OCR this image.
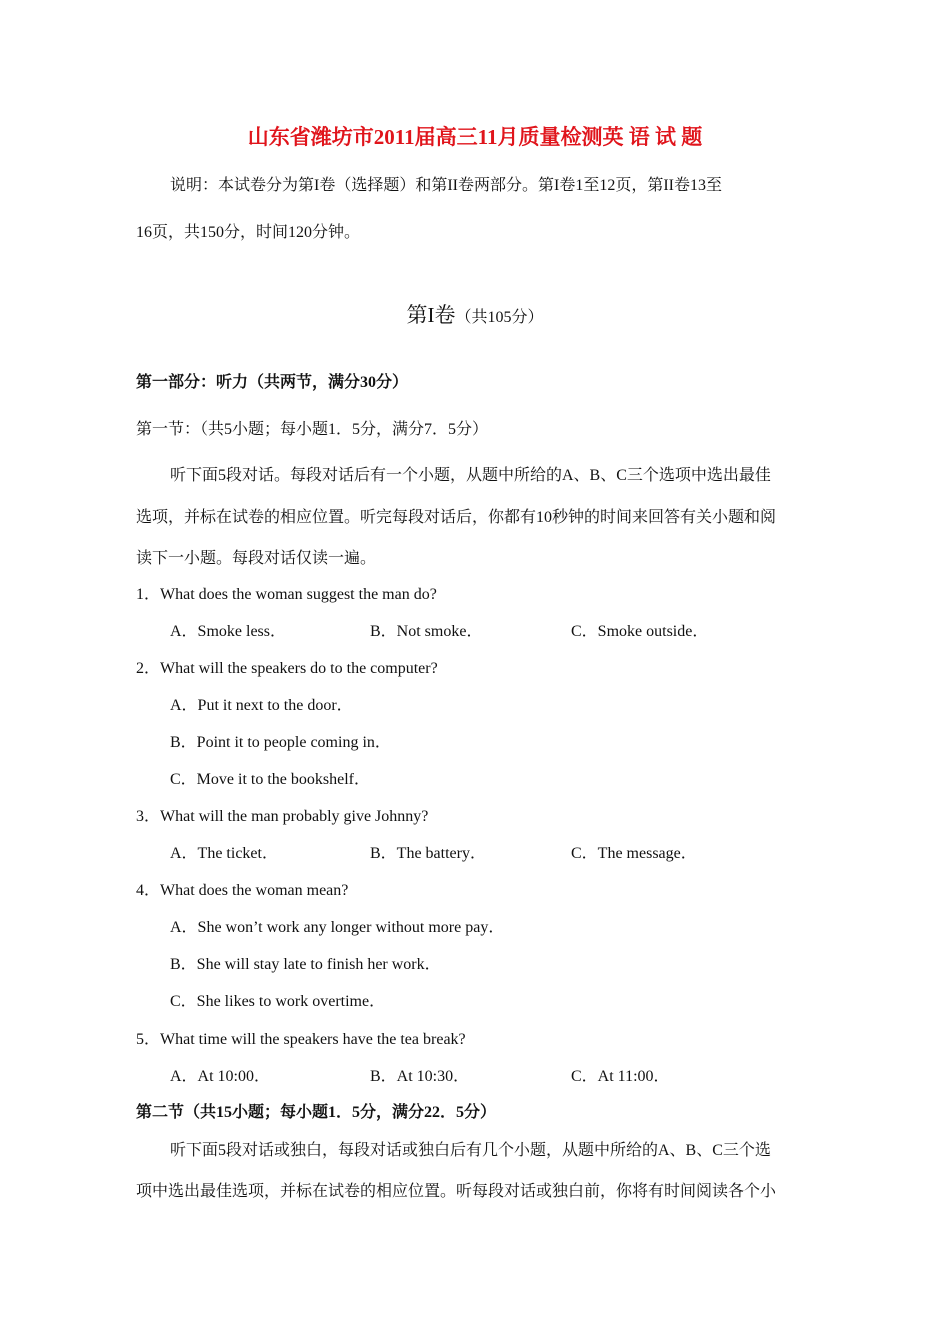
山东省潍坊市2011届高三11月质量检测英 语 试 题
说明：本试卷分为第I卷（选择题）和第II卷两部分。第I卷1至12页，第II卷13至
16页，共150分，时间120分钟。
第I卷（共105分）
第一部分：听力（共两节，满分30分）
第一节：（共5小题；每小题1．5分，满分7．5分）
听下面5段对话。每段对话后有一个小题，从题中所给的A、B、C三个选项中选出最佳
选项，并标在试卷的相应位置。听完每段对话后，你都有10秒钟的时间来回答有关小题和阅
读下一小题。每段对话仅读一遍。
1．What does the woman suggest the man do?
A．Smoke less．	B．Not smoke．	C．Smoke outside．
2．What will the speakers do to the computer?
A．Put it next to the door．
B．Point it to people coming in．
C．Move it to the bookshelf．
3．What will the man probably give Johnny?
A．The ticket．	B．The battery．	C．The message．
4．What does the woman mean?
A．She won’t work any longer without more pay．
B．She will stay late to finish her work．
C．She likes to work overtime．
5．What time will the speakers have the tea break?
A．At 10:00．	B．At 10:30．	C．At 11:00．
第二节（共15小题；每小题1．5分，满分22．5分）
听下面5段对话或独白，每段对话或独白后有几个小题，从题中所给的A、B、C三个选
项中选出最佳选项，并标在试卷的相应位置。听每段对话或独白前，你将有时间阅读各个小
